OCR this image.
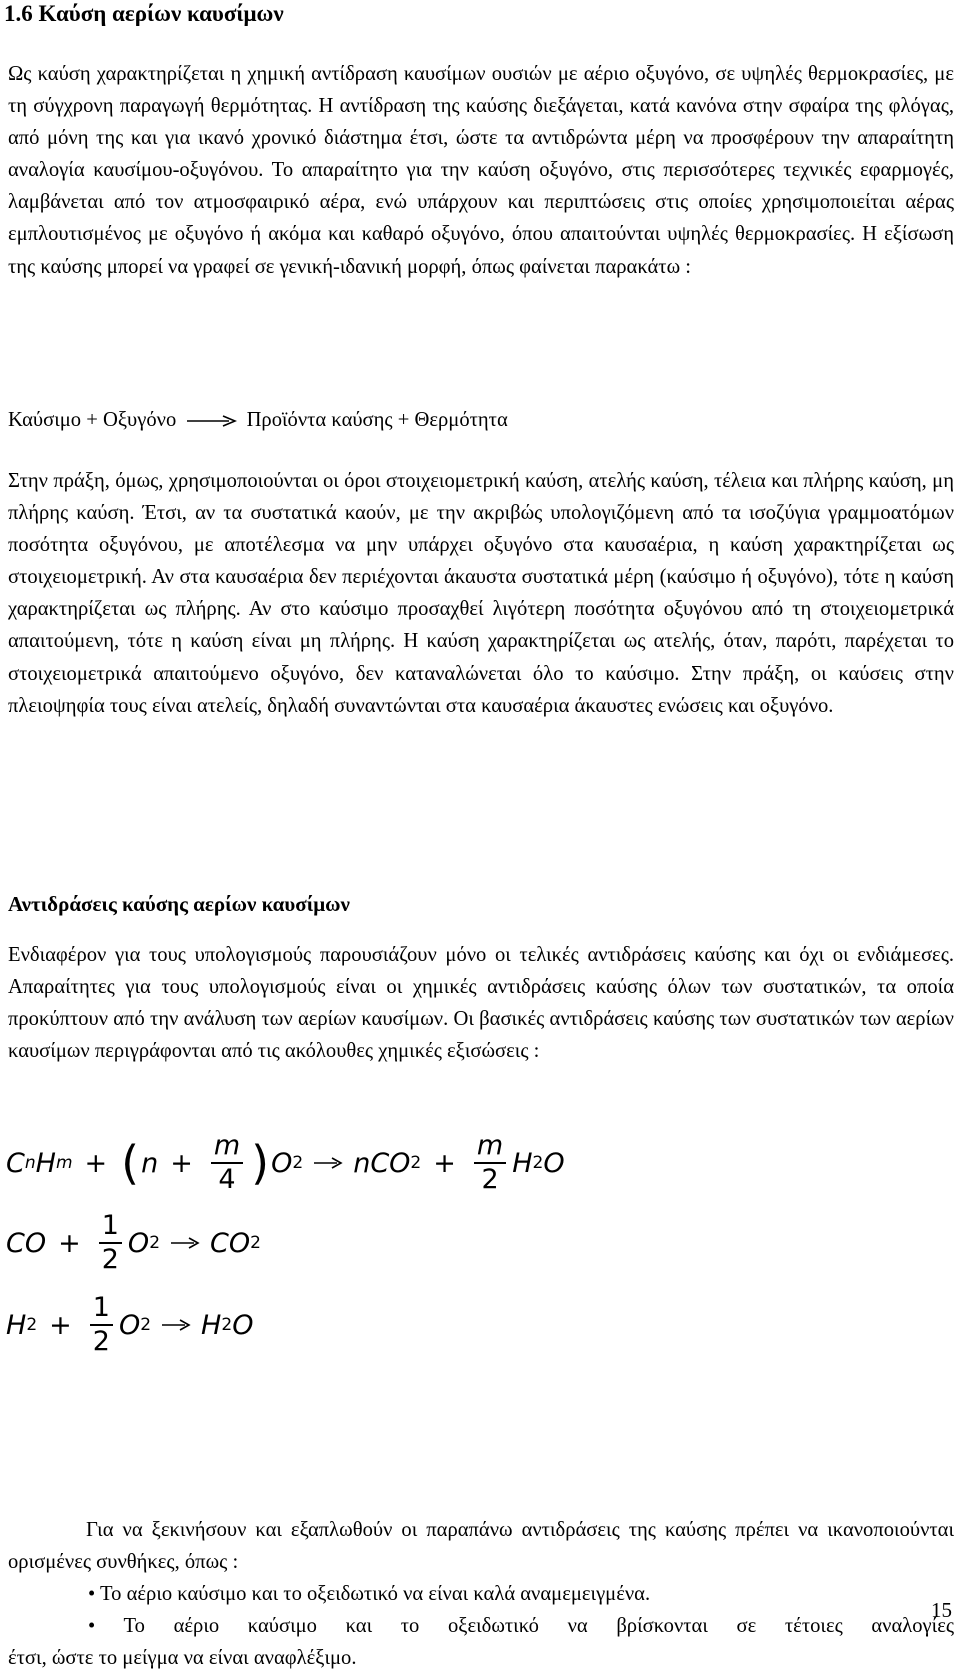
1.6 Καύση αερίων καυσίμων
Ως καύση χαρακτηρίζεται η χημική αντίδραση καυσίμων ουσιών με αέριο οξυγόνο, σε υψηλές θερμοκρασίες, με τη σύγχρονη παραγωγή θερμότητας. Η αντίδραση της καύσης διεξάγεται, κατά κανόνα στην σφαίρα της φλόγας, από μόνη της και για ικανό χρονικό διάστημα έτσι, ώστε τα αντιδρώντα μέρη να προσφέρουν την απαραίτητη αναλογία καυσίμου-οξυγόνου. Το απαραίτητο για την καύση οξυγόνο, στις περισσότερες τεχνικές εφαρμογές, λαμβάνεται από τον ατμοσφαιρικό αέρα, ενώ υπάρχουν και περιπτώσεις στις οποίες χρησιμοποιείται αέρας εμπλουτισμένος με οξυγόνο ή ακόμα και καθαρό οξυγόνο, όπου απαιτούνται υψηλές θερμοκρασίες. Η εξίσωση της καύσης μπορεί να γραφεί σε γενική-ιδανική μορφή, όπως φαίνεται παρακάτω :
Καύσιμο + Οξυγόνο	Προϊόντα καύσης + Θερμότητα
Στην πράξη, όμως, χρησιμοποιούνται οι όροι στοιχειομετρική καύση, ατελής καύση, τέλεια και πλήρης καύση, μη πλήρης καύση. Έτσι, αν τα συστατικά καούν, με την ακριβώς υπολογιζόμενη από τα ισοζύγια γραμμοατόμων ποσότητα οξυγόνου, με αποτέλεσμα να μην υπάρχει οξυγόνο στα καυσαέρια, η καύση χαρακτηρίζεται ως στοιχειομετρική. Αν στα καυσαέρια δεν περιέχονται άκαυστα συστατικά μέρη (καύσιμο ή οξυγόνο), τότε η καύση χαρακτηρίζεται ως πλήρης. Αν στο καύσιμο προσαχθεί λιγότερη ποσότητα οξυγόνου από τη στοιχειομετρικά απαιτούμενη, τότε η καύση είναι μη πλήρης. Η καύση χαρακτηρίζεται ως ατελής, όταν, παρότι, παρέχεται το στοιχειομετρικά απαιτούμενο οξυγόνο, δεν καταναλώνεται όλο το καύσιμο. Στην πράξη, οι καύσεις στην πλειοψηφία τους είναι ατελείς, δηλαδή συναντώνται στα καυσαέρια άκαυστες ενώσεις και οξυγόνο.
Αντιδράσεις καύσης αερίων καυσίμων
Ενδιαφέρον για τους υπολογισμούς παρουσιάζουν μόνο οι τελικές αντιδράσεις καύσης και όχι οι ενδιάμεσες. Απαραίτητες για τους υπολογισμούς είναι οι χημικές αντιδράσεις καύσης όλων των συστατικών, τα οποία προκύπτουν από την ανάλυση των αερίων καυσίμων. Οι βασικές αντιδράσεις καύσης των συστατικών των αερίων καυσίμων περιγράφονται από τις ακόλουθες χημικές εξισώσεις :
C n H m + ( $n + \frac{m}{4}$ ) O 2 → nCO $2 + \frac{m}{2}$ H 2 O
CO + $\frac{1}{2}$ O 2 → CO 2
H $2 + \frac{1}{2}$ O 2 → H 2 O
Για να ξεκινήσουν και εξαπλωθούν οι παραπάνω αντιδράσεις της καύσης πρέπει να ικανοποιούνται ορισμένες συνθήκες, όπως :
• Το αέριο καύσιμο και το οξειδωτικό να είναι καλά αναμεμειγμένα.
• Το αέριο καύσιμο και το οξειδωτικό να βρίσκονται σε τέτοιες αναλογίες
έτσι, ώστε το μείγμα να είναι αναφλέξιμο.
15
